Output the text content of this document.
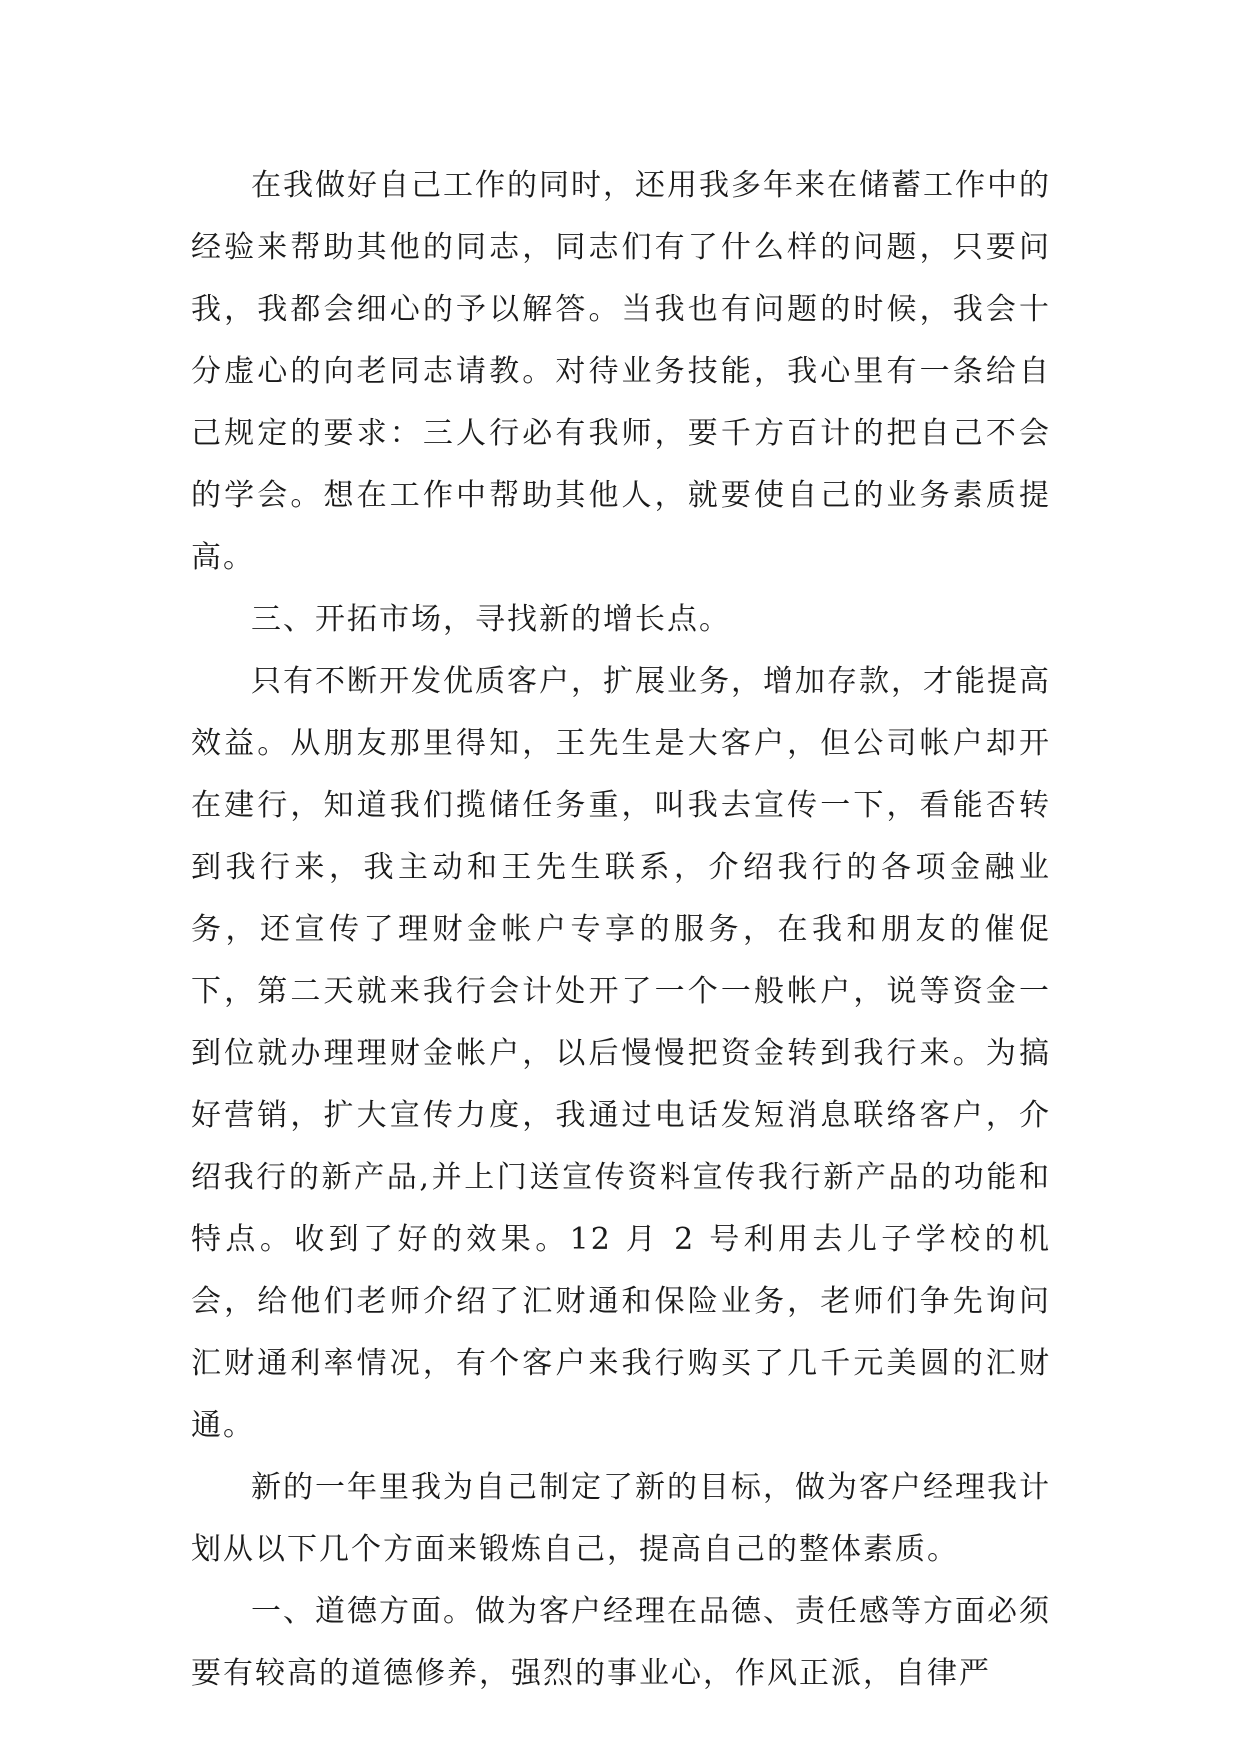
在我做好自己工作的同时，还用我多年来在储蓄工作中的经验来帮助其他的同志，同志们有了什么样的问题，只要问我，我都会细心的予以解答。当我也有问题的时候，我会十分虚心的向老同志请教。对待业务技能，我心里有一条给自己规定的要求：三人行必有我师，要千方百计的把自己不会的学会。想在工作中帮助其他人，就要使自己的业务素质提高。

三、开拓市场，寻找新的增长点。

只有不断开发优质客户，扩展业务，增加存款，才能提高效益。从朋友那里得知，王先生是大客户，但公司帐户却开在建行，知道我们揽储任务重，叫我去宣传一下，看能否转到我行来，我主动和王先生联系，介绍我行的各项金融业务，还宣传了理财金帐户专享的服务，在我和朋友的催促下，第二天就来我行会计处开了一个一般帐户，说等资金一到位就办理理财金帐户，以后慢慢把资金转到我行来。为搞好营销，扩大宣传力度，我通过电话发短消息联络客户，介绍我行的新产品,并上门送宣传资料宣传我行新产品的功能和特点。收到了好的效果。12 月 2 号利用去儿子学校的机会，给他们老师介绍了汇财通和保险业务，老师们争先询问汇财通利率情况，有个客户来我行购买了几千元美圆的汇财通。

新的一年里我为自己制定了新的目标，做为客户经理我计划从以下几个方面来锻炼自己，提高自己的整体素质。

一、道德方面。做为客户经理在品德、责任感等方面必须要有较高的道德修养，强烈的事业心，作风正派，自律严
